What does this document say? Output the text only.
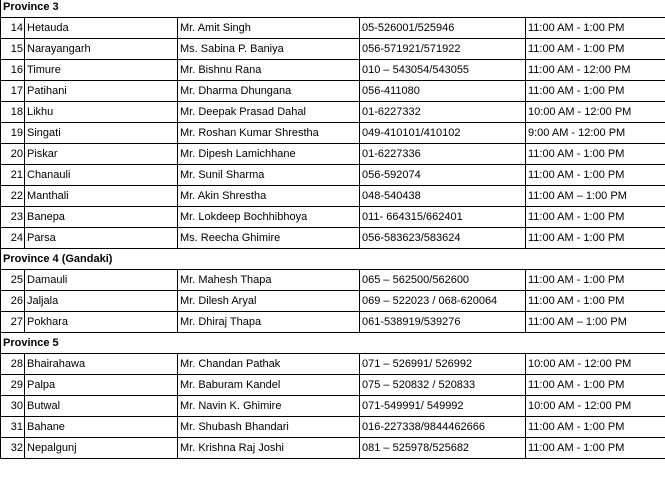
Province 3				
14	Hetauda	Mr. Amit Singh	05-526001/525946	11:00 AM - 1:00 PM
15	Narayangarh	Ms. Sabina P. Baniya	056-571921/571922	11:00 AM - 1:00 PM
16	Timure	Mr. Bishnu Rana	010 – 543054/543055	11:00 AM - 12:00 PM
17	Patihani	Mr. Dharma Dhungana	056-411080	11:00 AM - 1:00 PM
18	Likhu	Mr. Deepak Prasad Dahal	01-6227332	10:00 AM - 12:00 PM
19	Singati	Mr. Roshan Kumar Shrestha	049-410101/410102	9:00 AM - 12:00 PM
20	Piskar	Mr. Dipesh Lamichhane	01-6227336	11:00 AM - 1:00 PM
21	Chanauli	Mr. Sunil Sharma	056-592074	11:00 AM - 1:00 PM
22	Manthali	Mr. Akin Shrestha	048-540438	11:00 AM – 1:00 PM
23	Banepa	Mr. Lokdeep Bochhibhoya	011- 664315/662401	11:00 AM - 1:00 PM
24	Parsa	Ms. Reecha Ghimire	056-583623/583624	11:00 AM - 1:00 PM
Province 4 (Gandaki)				
25	Damauli	Mr. Mahesh Thapa	065 – 562500/562600	11:00 AM - 1:00 PM
26	Jaljala	Mr. Dilesh Aryal	069 – 522023 / 068-620064	11:00 AM - 1:00 PM
27	Pokhara	Mr. Dhiraj Thapa	061-538919/539276	11:00 AM – 1:00 PM
Province 5				
28	Bhairahawa	Mr. Chandan Pathak	071 – 526991/ 526992	10:00 AM - 12:00 PM
29	Palpa	Mr. Baburam Kandel	075 – 520832 / 520833	11:00 AM - 1:00 PM
30	Butwal	Mr. Navin K. Ghimire	071-549991/ 549992	10:00 AM - 12:00 PM
31	Bahane	Mr. Shubash Bhandari	016-227338/9844462666	11:00 AM - 1:00 PM
32	Nepalgunj	Mr. Krishna Raj Joshi	081 – 525978/525682	11:00 AM - 1:00 PM
